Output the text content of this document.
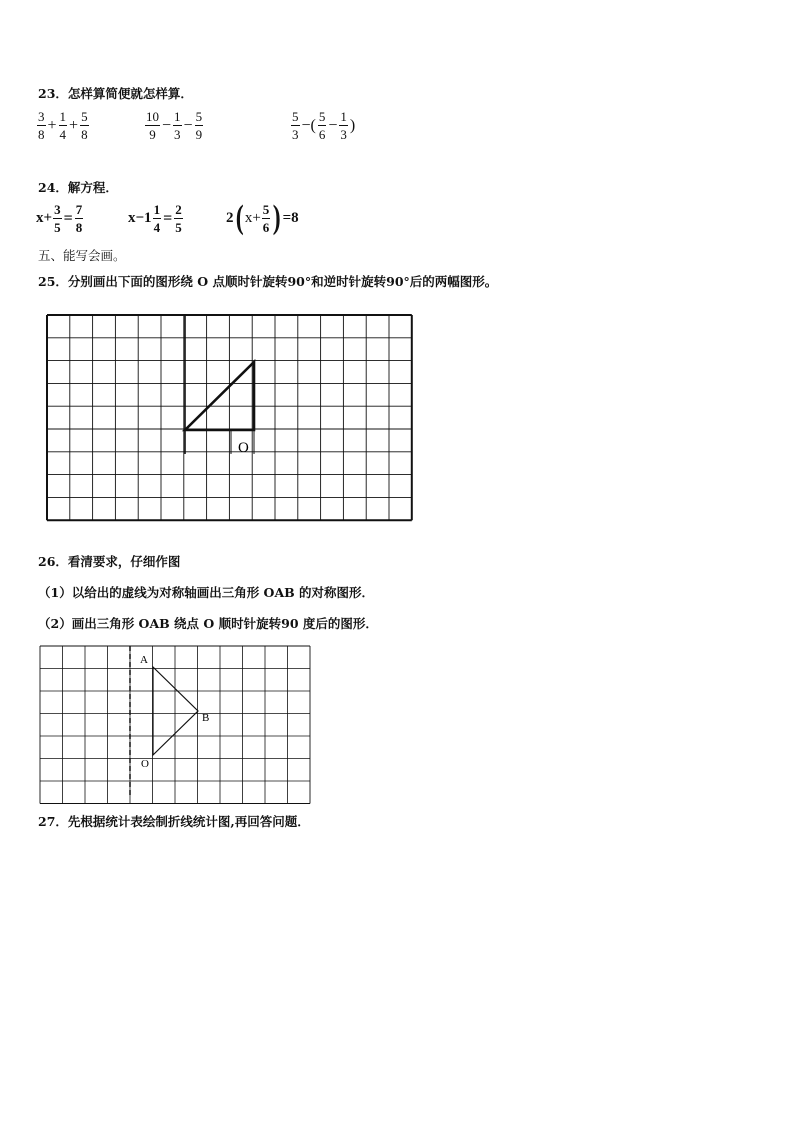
23．怎样算简便就怎样算．
$\frac{3}{8} + \frac{1}{4} + \frac{5}{8}$	$\frac{10}{9} - \frac{1}{3} - \frac{5}{9}$	$\frac{5}{3}$ −( $\frac{5}{6} - \frac{1}{3}$ )
24．解方程．
$x+ \frac{3}{5} = \frac{7}{8}$	$x-1 \frac{1}{4} = \frac{2}{5}$	2 ( $x+ \frac{5}{6}$ ) =8
五、能写会画。
25．分别画出下面的图形绕 O 点顺时针旋转90°和逆时针旋转90°后的两幅图形。
O
A
B
O
26．看清要求，仔细作图
（1）以给出的虚线为对称轴画出三角形 OAB 的对称图形．
（2）画出三角形 OAB 绕点 O 顺时针旋转90 度后的图形．
27．先根据统计表绘制折线统计图,再回答问题．
